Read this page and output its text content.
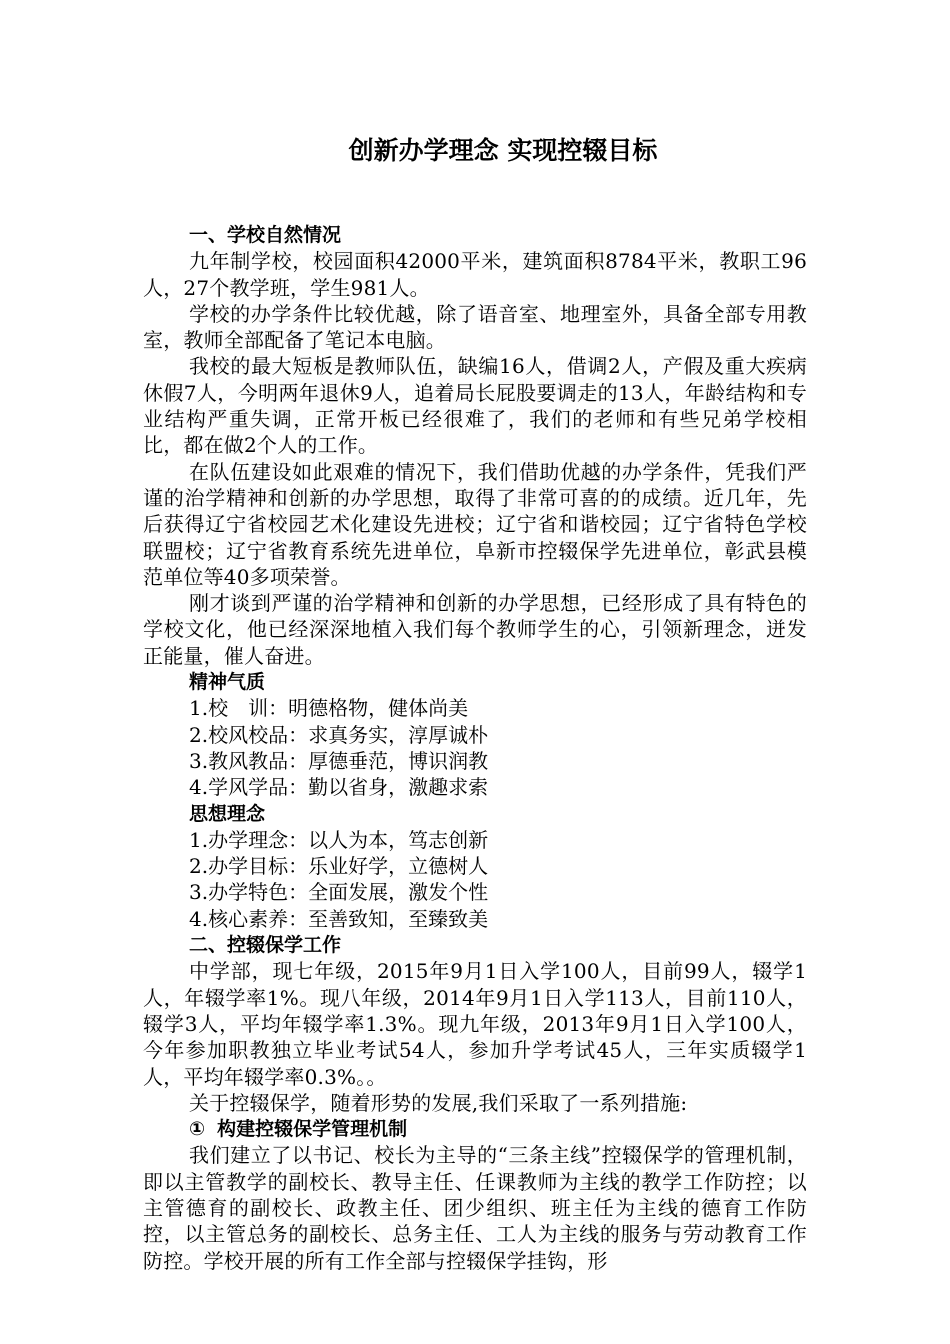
创新办学理念 实现控辍目标

一、学校自然情况

九年制学校，校园面积42000平米，建筑面积8784平米，教职工96人，27个教学班，学生981人。

学校的办学条件比较优越，除了语音室、地理室外，具备全部专用教室，教师全部配备了笔记本电脑。

我校的最大短板是教师队伍，缺编16人，借调2人，产假及重大疾病休假7人，今明两年退休9人，追着局长屁股要调走的13人，年龄结构和专业结构严重失调，正常开板已经很难了，我们的老师和有些兄弟学校相比，都在做2个人的工作。

在队伍建设如此艰难的情况下，我们借助优越的办学条件，凭我们严谨的治学精神和创新的办学思想，取得了非常可喜的的成绩。近几年，先后获得辽宁省校园艺术化建设先进校；辽宁省和谐校园；辽宁省特色学校联盟校；辽宁省教育系统先进单位，阜新市控辍保学先进单位，彰武县模范单位等40多项荣誉。

刚才谈到严谨的治学精神和创新的办学思想，已经形成了具有特色的学校文化，他已经深深地植入我们每个教师学生的心，引领新理念，迸发正能量，催人奋进。

精神气质

1.校　训：明德格物，健体尚美

2.校风校品：求真务实，淳厚诚朴

3.教风教品：厚德垂范，博识润教

4.学风学品：勤以省身，激趣求索

思想理念

1.办学理念：以人为本，笃志创新

2.办学目标：乐业好学，立德树人

3.办学特色：全面发展，激发个性

4.核心素养：至善致知，至臻致美

二、控辍保学工作

中学部，现七年级，2015年9月1日入学100人，目前99人，辍学1人，年辍学率1%。现八年级，2014年9月1日入学113人，目前110人，辍学3人，平均年辍学率1.3%。现九年级，2013年9月1日入学100人，今年参加职教独立毕业考试54人，参加升学考试45人，三年实质辍学1人，平均年辍学率0.3%。。

关于控辍保学，随着形势的发展,我们采取了一系列措施:

① 构建控辍保学管理机制

我们建立了以书记、校长为主导的“三条主线”控辍保学的管理机制，即以主管教学的副校长、教导主任、任课教师为主线的教学工作防控；以主管德育的副校长、政教主任、团少组织、班主任为主线的德育工作防控，以主管总务的副校长、总务主任、工人为主线的服务与劳动教育工作防控。学校开展的所有工作全部与控辍保学挂钩，形
